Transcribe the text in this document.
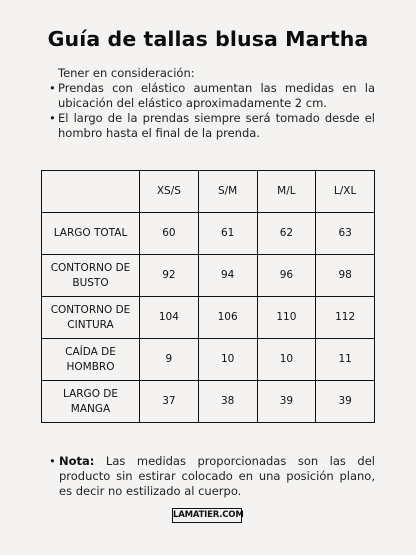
Guía de tallas blusa Martha

Tener en consideración:

• Prendas con elástico aumentan las medidas en la ubicación del elástico aproximadamente 2 cm.
• El largo de la prendas siempre será tomado desde el hombro hasta el final de la prenda.
	XS/S	S/M	M/L	L/XL
LARGO TOTAL	60	61	62	63
CONTORNO DE BUSTO	92	94	96	98
CONTORNO DE CINTURA	104	106	110	112
CAÍDA DE HOMBRO	9	10	10	11
LARGO DE MANGA	37	38	39	39

• Nota: Las medidas proporcionadas son las del producto sin estirar colocado en una posición plano, es decir no estilizado al cuerpo.

LAMATIER.COM
